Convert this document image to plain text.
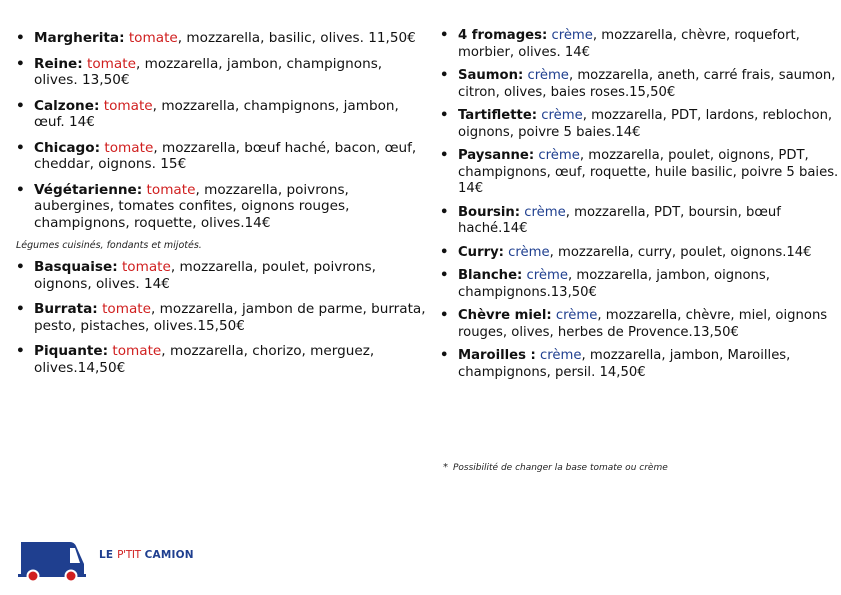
• Margherita: tomate, mozzarella, basilic, olives. 11,50€
• Reine: tomate, mozzarella, jambon, champignons, olives. 13,50€
• Calzone: tomate, mozzarella, champignons, jambon, œuf. 14€
• Chicago: tomate, mozzarella, bœuf haché, bacon, œuf, cheddar, oignons. 15€
• Végétarienne: tomate, mozzarella, poivrons, aubergines, tomates confites, oignons rouges, champignons, roquette, olives.14€

Légumes cuisinés, fondants et mijotés.

• Basquaise: tomate, mozzarella, poulet, poivrons, oignons, olives. 14€
• Burrata: tomate, mozzarella, jambon de parme, burrata, pesto, pistaches, olives.15,50€
• Piquante: tomate, mozzarella, chorizo, merguez, olives.14,50€
• 4 fromages: crème, mozzarella, chèvre, roquefort, morbier, olives. 14€
• Saumon: crème, mozzarella, aneth, carré frais, saumon, citron, olives, baies roses.15,50€
• Tartiflette: crème, mozzarella, PDT, lardons, reblochon, oignons, poivre 5 baies.14€
• Paysanne: crème, mozzarella, poulet, oignons, PDT, champignons, œuf, roquette, huile basilic, poivre 5 baies. 14€
• Boursin: crème, mozzarella, PDT, boursin, bœuf haché.14€
• Curry: crème, mozzarella, curry, poulet, oignons.14€
• Blanche: crème, mozzarella, jambon, oignons, champignons.13,50€
• Chèvre miel: crème, mozzarella, chèvre, miel, oignons rouges, olives, herbes de Provence.13,50€
• Maroilles : crème, mozzarella, jambon, Maroilles, champignons, persil. 14,50€
* Possibilité de changer la base tomate ou crème
LE P'TIT CAMION
